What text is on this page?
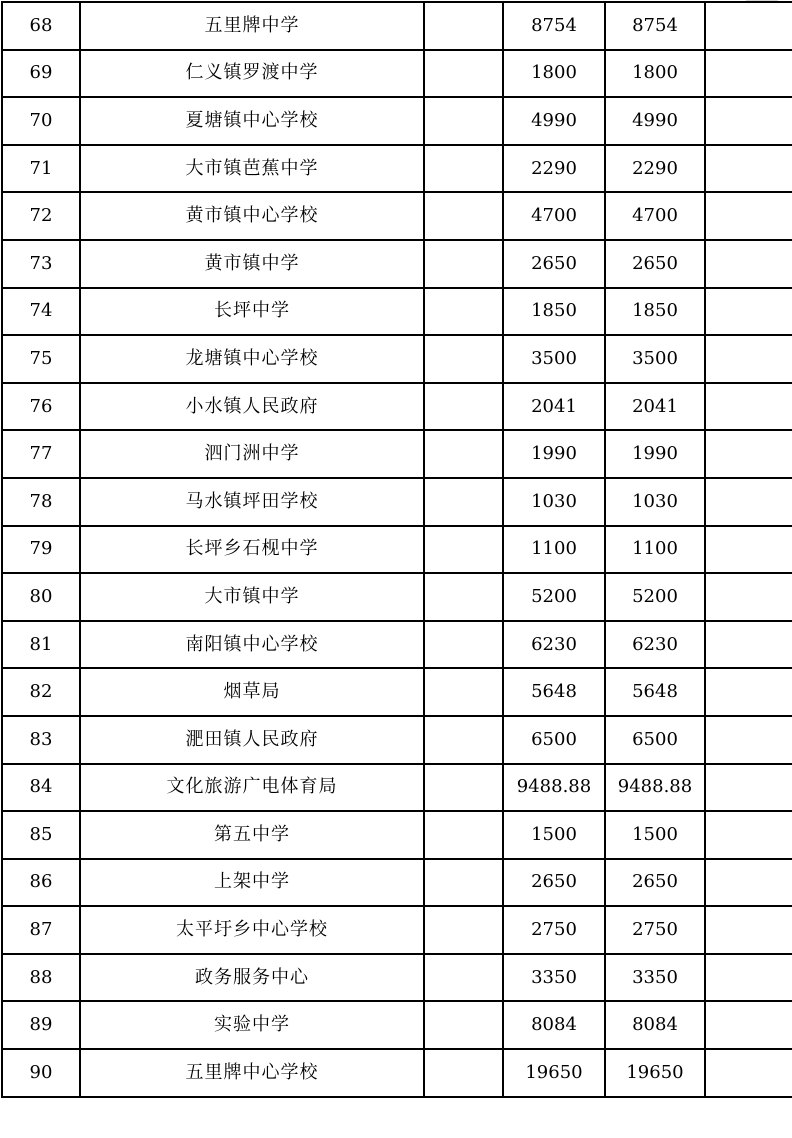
68	五里牌中学		8754	8754	
69	仁义镇罗渡中学		1800	1800	
70	夏塘镇中心学校		4990	4990	
71	大市镇芭蕉中学		2290	2290	
72	黄市镇中心学校		4700	4700	
73	黄市镇中学		2650	2650	
74	长坪中学		1850	1850	
75	龙塘镇中心学校		3500	3500	
76	小水镇人民政府		2041	2041	
77	泗门洲中学		1990	1990	
78	马水镇坪田学校		1030	1030	
79	长坪乡石枧中学		1100	1100	
80	大市镇中学		5200	5200	
81	南阳镇中心学校		6230	6230	
82	烟草局		5648	5648	
83	淝田镇人民政府		6500	6500	
84	文化旅游广电体育局		9488.88	9488.88	
85	第五中学		1500	1500	
86	上架中学		2650	2650	
87	太平圩乡中心学校		2750	2750	
88	政务服务中心		3350	3350	
89	实验中学		8084	8084	
90	五里牌中心学校		19650	19650	
